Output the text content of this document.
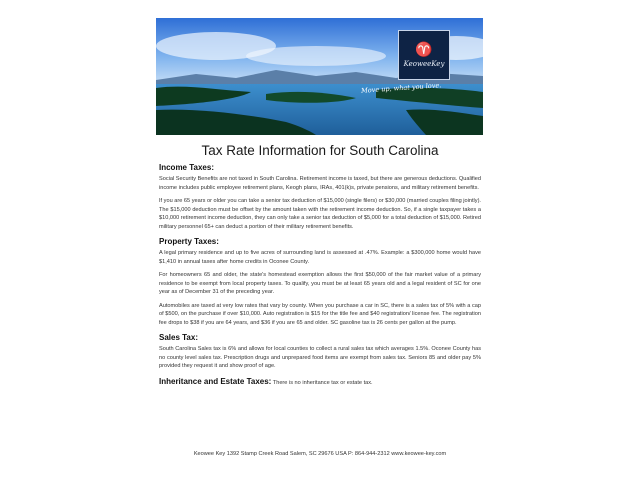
♈
KeoweeKey
Move up, what you love.
Tax Rate Information for South Carolina
Income Taxes:

Social Security Benefits are not taxed in South Carolina. Retirement income is taxed, but there are generous deductions. Qualified income includes public employee retirement plans, Keogh plans, IRAs, 401(k)s, private pensions, and military retirement benefits.

If you are 65 years or older you can take a senior tax deduction of $15,000 (single filers) or $30,000 (married couples filing jointly). The $15,000 deduction must be offset by the amount taken with the retirement income deduction. So, if a single taxpayer takes a $10,000 retirement income deduction, they can only take a senior tax deduction of $5,000 for a total deduction of $15,000. Retired military personnel 65+ can deduct a portion of their military retirement benefits.

Property Taxes:

A legal primary residence and up to five acres of surrounding land is assessed at .47%. Example: a $300,000 home would have $1,410 in annual taxes after home credits in Oconee County.

For homeowners 65 and older, the state's homestead exemption allows the first $50,000 of the fair market value of a primary residence to be exempt from local property taxes. To qualify, you must be at least 65 years old and a legal resident of SC for one year as of December 31 of the preceding year.

Automobiles are taxed at very low rates that vary by county. When you purchase a car in SC, there is a sales tax of 5% with a cap of $500, on the purchase if over $10,000. Auto registration is $15 for the title fee and $40 registration/ license fee. The registration fee drops to $38 if you are 64 years, and $36 if you are 65 and older. SC gasoline tax is 26 cents per gallon at the pump.

Sales Tax:

South Carolina Sales tax is 6% and allows for local counties to collect a rural sales tax which averages 1.5%. Oconee County has no county level sales tax. Prescription drugs and unprepared food items are exempt from sales tax. Seniors 85 and older pay 5% provided they request it and show proof of age.

Inheritance and Estate Taxes: There is no inheritance tax or estate tax.
Keowee Key 1392 Stamp Creek Road Salem, SC 29676 USA P: 864-944-2312 www.keowee-key.com
